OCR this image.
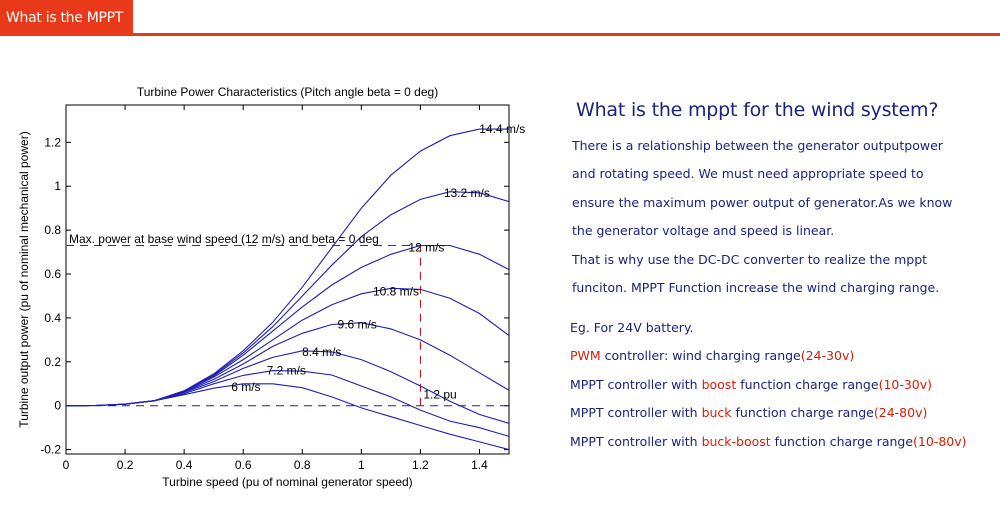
What is the MPPT
Turbine Power Characteristics (Pitch angle beta = 0 deg)
0	0.2	0.4	0.6	0.8	1	1.2	1.4
-0.2
0
0.2
0.4
0.6
0.8
1
1.2
Turbine speed (pu of nominal generator speed)
Turbine output power (pu of nominal mechanical power)	6 m/s
7.2 m/s
8.4 m/s
9.6 m/s
10.8 m/s
12 m/s
13.2 m/s
14.4 m/s
Max. power at base wind speed (12 m/s) and beta = 0 deg
1.2 pu
What is the mppt for the wind system?
There is a relationship between the generator outputpower
and rotating speed. We must need appropriate speed to
ensure the maximum power output of generator.As we know
the generator voltage and speed is linear.
That is why use the DC-DC converter to realize the mppt
funciton. MPPT Function increase the wind charging range.
Eg. For 24V battery.
PWM controller: wind charging range(24-30v)
MPPT controller with boost function charge range(10-30v)
MPPT controller with buck function charge range(24-80v)
MPPT controller with buck-boost function charge range(10-80v)
